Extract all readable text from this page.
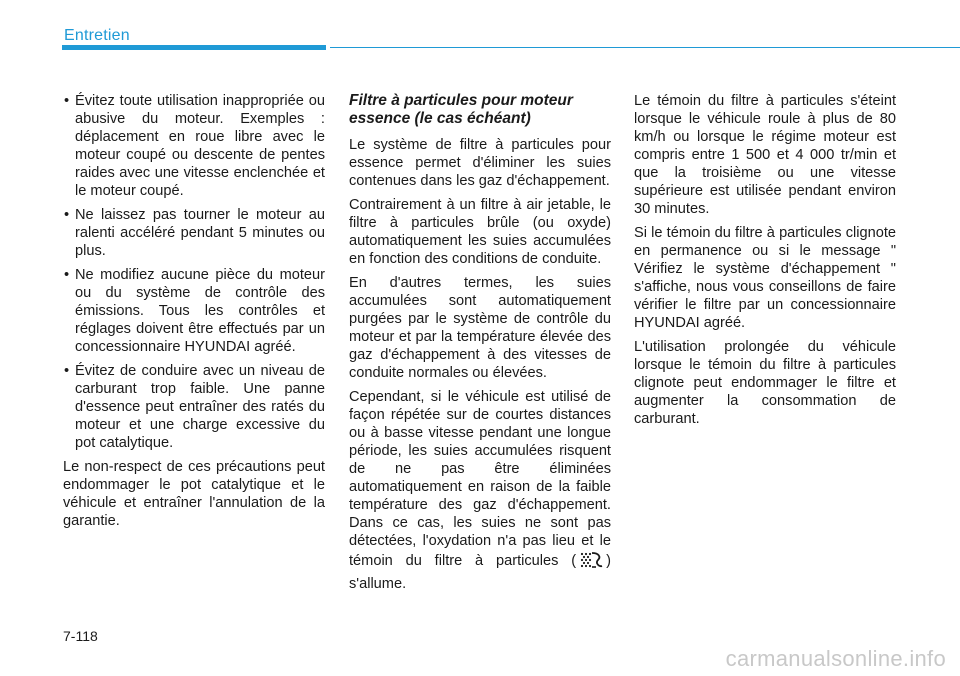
Entretien
• Évitez toute utilisation inappropriée ou abusive du moteur. Exemples : déplacement en roue libre avec le moteur coupé ou descente de pentes raides avec une vitesse enclenchée et le moteur coupé.
• Ne laissez pas tourner le moteur au ralenti accéléré pendant 5 minutes ou plus.
• Ne modifiez aucune pièce du moteur ou du système de contrôle des émissions. Tous les contrôles et réglages doivent être effectués par un concessionnaire HYUNDAI agréé.
• Évitez de conduire avec un niveau de carburant trop faible. Une panne d'essence peut entraîner des ratés du moteur et une charge excessive du pot catalytique.

Le non-respect de ces précautions peut endommager le pot catalytique et le véhicule et entraîner l'annulation de la garantie.

Filtre à particules pour moteur essence (le cas échéant)

Le système de filtre à particules pour essence permet d'éliminer les suies contenues dans les gaz d'échappement.

Contrairement à un filtre à air jetable, le filtre à particules brûle (ou oxyde) automatiquement les suies accumulées en fonction des conditions de conduite.

En d'autres termes, les suies accumulées sont automatiquement purgées par le système de contrôle du moteur et par la température élevée des gaz d'échappement à des vitesses de conduite normales ou élevées.

Cependant, si le véhicule est utilisé de façon répétée sur de courtes distances ou à basse vitesse pendant une longue période, les suies accumulées risquent de ne pas être éliminées automatiquement en raison de la faible température des gaz d'échappement. Dans ce cas, les suies ne sont pas détectées, l'oxydation n'a pas lieu et le témoin du filtre à particules ( ) s'allume.

Le témoin du filtre à particules s'éteint lorsque le véhicule roule à plus de 80 km/h ou lorsque le régime moteur est compris entre 1 500 et 4 000 tr/min et que la troisième ou une vitesse supérieure est utilisée pendant environ 30 minutes.

Si le témoin du filtre à particules clignote en permanence ou si le message " Vérifiez le système d'échappement " s'affiche, nous vous conseillons de faire vérifier le filtre par un concessionnaire HYUNDAI agréé.

L'utilisation prolongée du véhicule lorsque le témoin du filtre à particules clignote peut endommager le filtre et augmenter la consommation de carburant.

7-118
carmanualsonline.info
